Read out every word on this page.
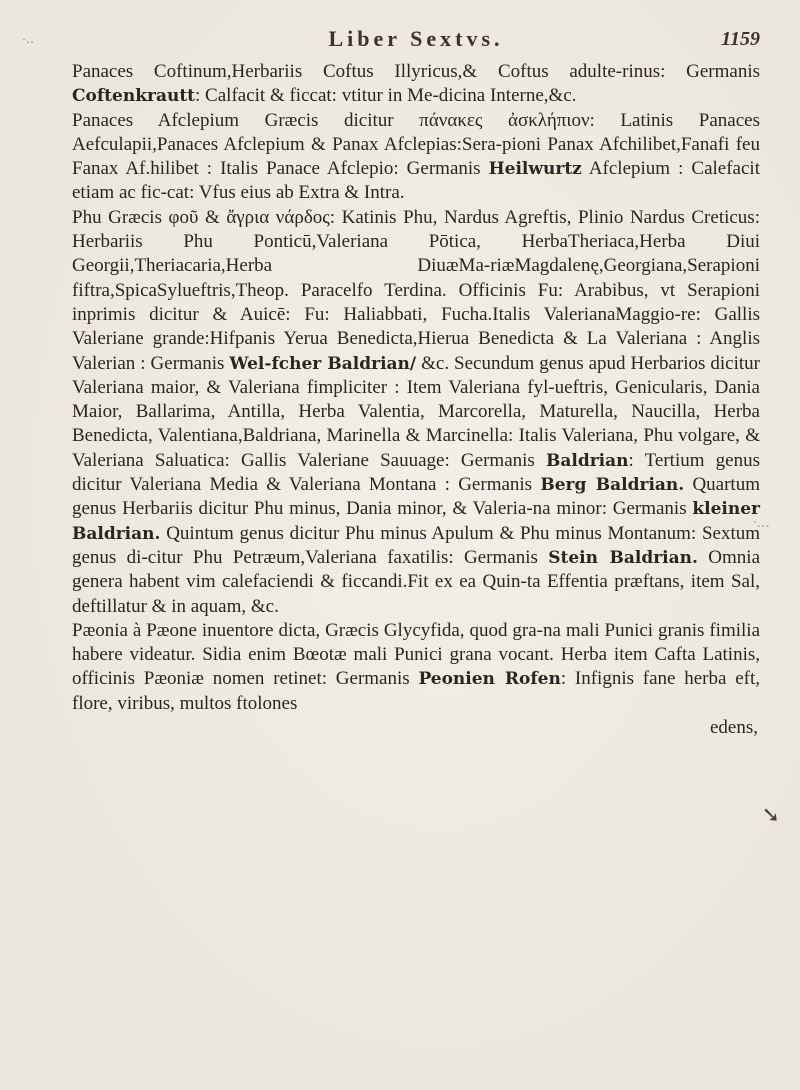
·‥	Liber Sextvs.	1159

Panaces Coftinum,Herbariis Coftus Illyricus,& Coftus adulte-rinus: Germanis Coftenkrautt: Calfacit & ficcat: vtitur in Me-dicina Interne,&c.

Panaces Afclepium Græcis dicitur πάνακες ἀσκλήπιον: Latinis Panaces Aefculapii,Panaces Afclepium & Panax Afclepias:Sera-pioni Panax Afchilibet,Fanafi feu Fanax Af.hilibet : Italis Panace Afclepio: Germanis Heilwurtz Afclepium : Calefacit etiam ac fic-cat: Vfus eius ab Extra & Intra.

Phu Græcis φοῦ & ἄγρια νάρδος: Katinis Phu, Nardus Agreftis, Plinio Nardus Creticus: Herbariis Phu Ponticū,Valeriana Pōtica, HerbaTheriaca,Herba Diui Georgii,Theriacaria,Herba DiuæMa-riæMagdalenę,Georgiana,Serapioni fiftra,SpicaSylueftris,Theop. Paracelfo Terdina. Officinis Fu: Arabibus, vt Serapioni inprimis dicitur & Auicē: Fu: Haliabbati, Fucha.Italis ValerianaMaggio-re: Gallis Valeriane grande:Hifpanis Yerua Benedicta,Hierua Benedicta & La Valeriana : Anglis Valerian : Germanis Wel-fcher Baldrian/ &c. Secundum genus apud Herbarios dicitur Valeriana maior, & Valeriana fimpliciter : Item Valeriana fyl-ueftris, Genicularis, Dania Maior, Ballarima, Antilla, Herba Valentia, Marcorella, Maturella, Naucilla, Herba Benedicta, Valentiana,Baldriana, Marinella & Marcinella: Italis Valeriana, Phu volgare, & Valeriana Saluatica: Gallis Valeriane Sauuage: Germanis Baldrian: Tertium genus dicitur Valeriana Media & Valeriana Montana : Germanis Berg Baldrian. Quartum genus Herbariis dicitur Phu minus, Dania minor, & Valeria-na minor: Germanis kleiner Baldrian. Quintum genus dicitur Phu minus Apulum & Phu minus Montanum: Sextum genus di-citur Phu Petræum,Valeriana faxatilis: Germanis Stein Baldrian. Omnia genera habent vim calefaciendi & ficcandi.Fit ex ea Quin-ta Effentia præftans, item Sal, deftillatur & in aquam, &c.

Pæonia à Pæone inuentore dicta, Græcis Glycyfida, quod gra-na mali Punici granis fimilia habere videatur. Sidia enim Bœotæ mali Punici grana vocant. Herba item Cafta Latinis, officinis Pæoniæ nomen retinet: Germanis Peonien Rofen: Infignis fane herba eft, flore, viribus, multos ftolones

edens,
·.‥
➘
